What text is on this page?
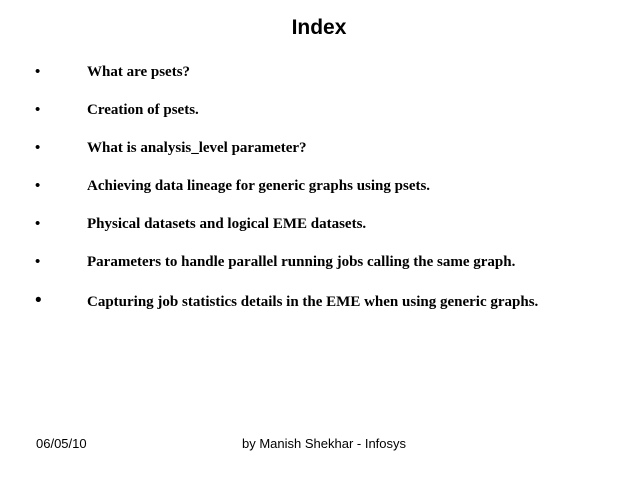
Index
•	What are psets?
•	Creation of psets.
•	What is analysis_level parameter?
•	Achieving data lineage for generic graphs using psets.
•	Physical datasets and logical EME datasets.
•	Parameters to handle parallel running jobs calling the same graph.
•	Capturing job statistics details in the EME when using generic graphs.
06/05/10	by Manish Shekhar - Infosys
